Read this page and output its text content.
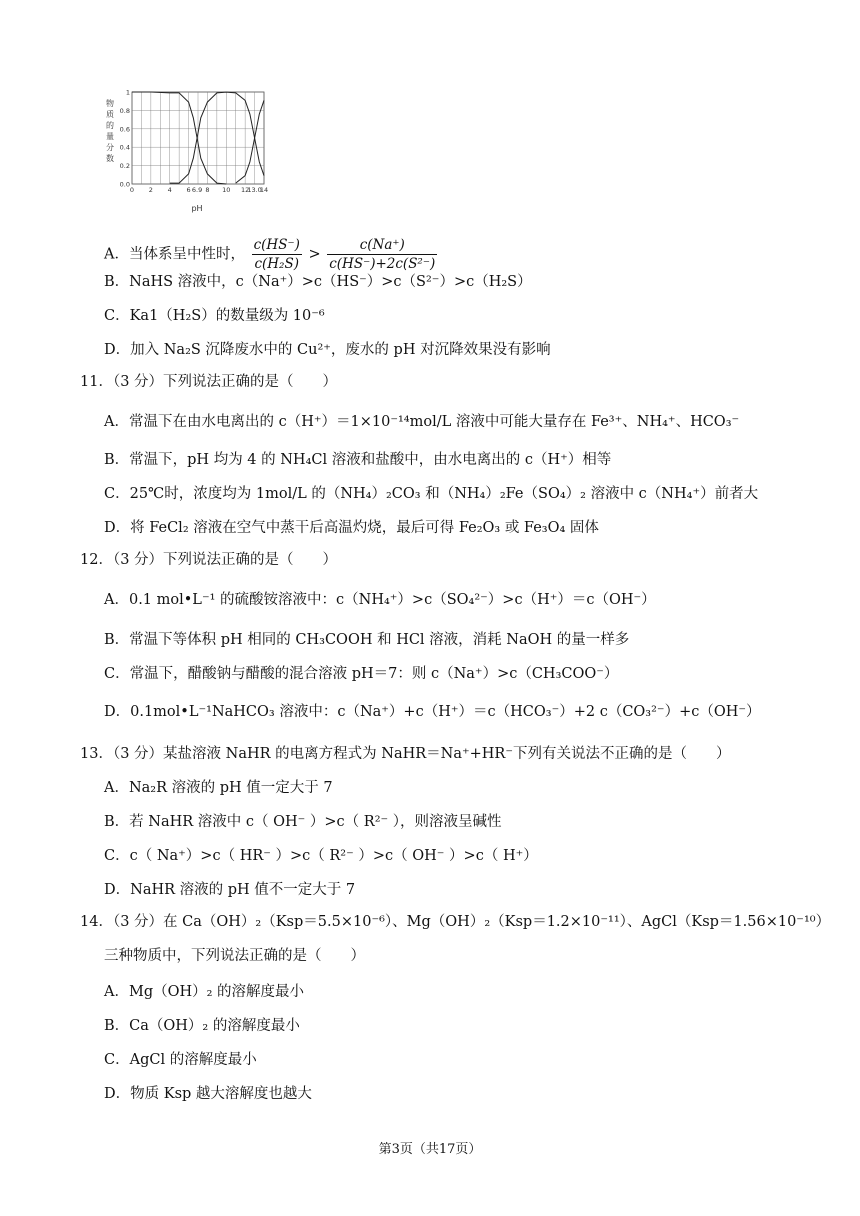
物
质
的
量
分
数
0.0
0.2
0.4
0.6
0.8
1
0 2 4 6 6.9 8 10 12
13.0
14
pH
A．当体系呈中性时， $\frac{c(HS^-)}{\text{c(H₂S)}} > \frac{c(Na^+)}{\text{c(HS⁻)+2c(S²⁻)}}$
B．NaHS 溶液中，c（Na⁺）>c（HS⁻）>c（S²⁻）>c（H₂S）
C．Ka1（H₂S）的数量级为 10⁻⁶
D．加入 Na₂S 沉降废水中的 Cu²⁺，废水的 pH 对沉降效果没有影响
11．（3 分）下列说法正确的是（　　）
A．常温下在由水电离出的 c（H⁺）＝1×10⁻¹⁴mol/L 溶液中可能大量存在 Fe³⁺、NH₄⁺、HCO₃⁻
B．常温下，pH 均为 4 的 NH₄Cl 溶液和盐酸中，由水电离出的 c（H⁺）相等
C．25℃时，浓度均为 1mol/L 的（NH₄）₂CO₃ 和（NH₄）₂Fe（SO₄）₂ 溶液中 c（NH₄⁺）前者大
D．将 FeCl₂ 溶液在空气中蒸干后高温灼烧，最后可得 Fe₂O₃ 或 Fe₃O₄ 固体
12．（3 分）下列说法正确的是（　　）
A．0.1 mol•L⁻¹ 的硫酸铵溶液中：c（NH₄⁺）>c（SO₄²⁻）>c（H⁺）＝c（OH⁻）
B．常温下等体积 pH 相同的 CH₃COOH 和 HCl 溶液，消耗 NaOH 的量一样多
C．常温下，醋酸钠与醋酸的混合溶液 pH＝7：则 c（Na⁺）>c（CH₃COO⁻）
D．0.1mol•L⁻¹NaHCO₃ 溶液中：c（Na⁺）+c（H⁺）＝c（HCO₃⁻）+2 c（CO₃²⁻）+c（OH⁻）
13．（3 分）某盐溶液 NaHR 的电离方程式为 NaHR＝Na⁺+HR⁻下列有关说法不正确的是（　　）
A．Na₂R 溶液的 pH 值一定大于 7
B．若 NaHR 溶液中 c（ OH⁻ ）>c（ R²⁻ ），则溶液呈碱性
C．c（ Na⁺）>c（ HR⁻ ）>c（ R²⁻ ）>c（ OH⁻ ）>c（ H⁺）
D．NaHR 溶液的 pH 值不一定大于 7
14．（3 分）在 Ca（OH）₂（Ksp＝5.5×10⁻⁶）、Mg（OH）₂（Ksp＝1.2×10⁻¹¹）、AgCl（Ksp＝1.56×10⁻¹⁰）
三种物质中，下列说法正确的是（　　）
A．Mg（OH）₂ 的溶解度最小
B．Ca（OH）₂ 的溶解度最小
C．AgCl 的溶解度最小
D．物质 Ksp 越大溶解度也越大
第3页（共17页）
